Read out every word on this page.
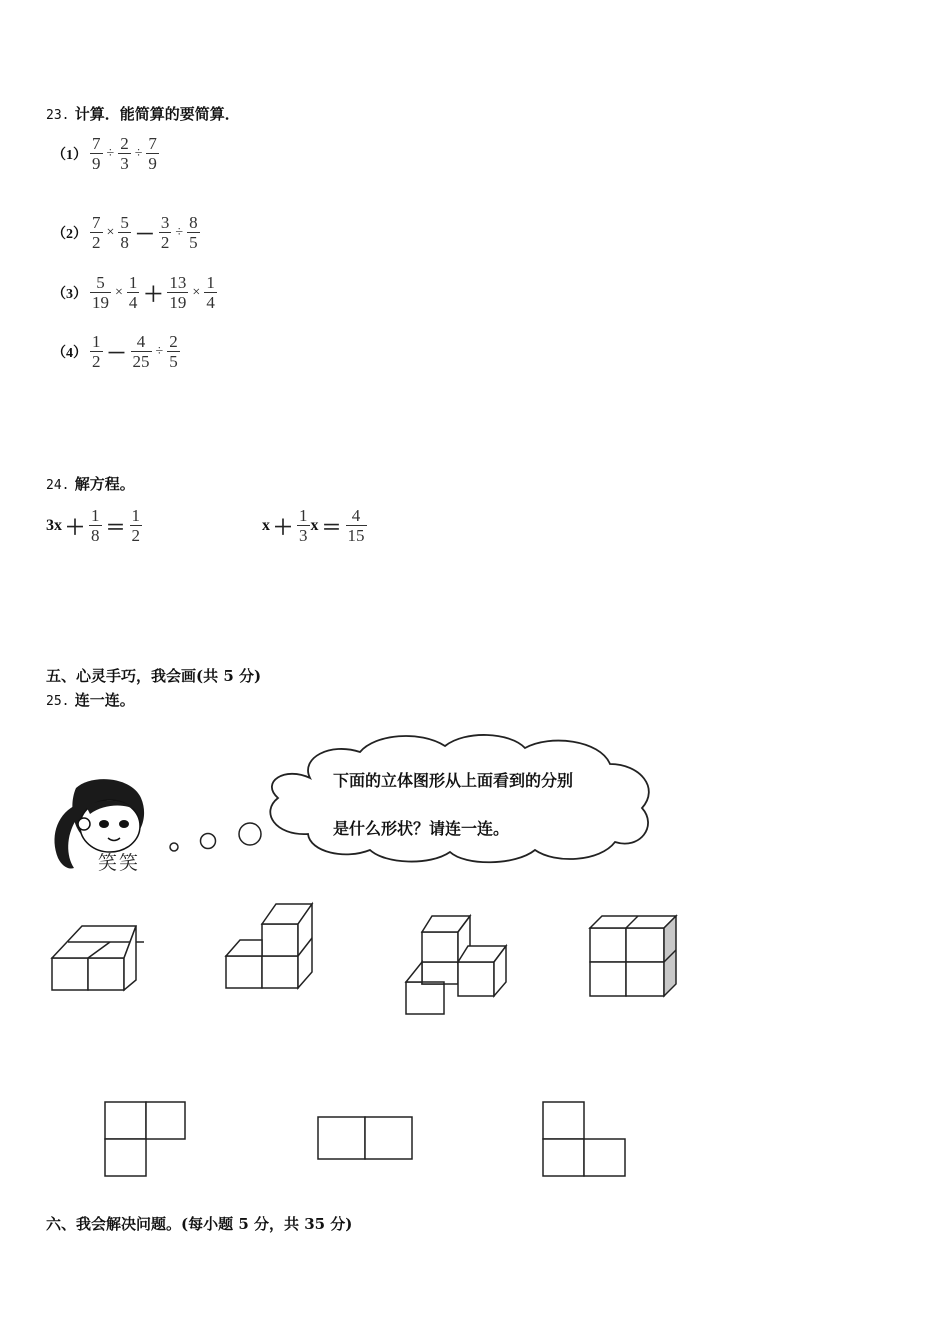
23. 计算．能简算的要简算．
$(1) \frac{7}{9} \div \frac{2}{3} \div \frac{7}{9}$
$(2) \frac{7}{2} \times \frac{5}{8} - \frac{3}{2} \div \frac{8}{5}$
$(3) \frac{5}{19} \times \frac{1}{4} + \frac{13}{19} \times \frac{1}{4}$
$(4) \frac{1}{2} - \frac{4}{25} \div \frac{2}{5}$
24. 解方程。
$3x + \frac{1}{8} = \frac{1}{2}$	$x + \frac{1}{3}$ $x = \frac{4}{15}$
五、心灵手巧，我会画(共 5 分)
25. 连一连。
笑笑
下面的立体图形从上面看到的分别
是什么形状？请连一连。
六、我会解决问题。(每小题 5 分，共 35 分)
